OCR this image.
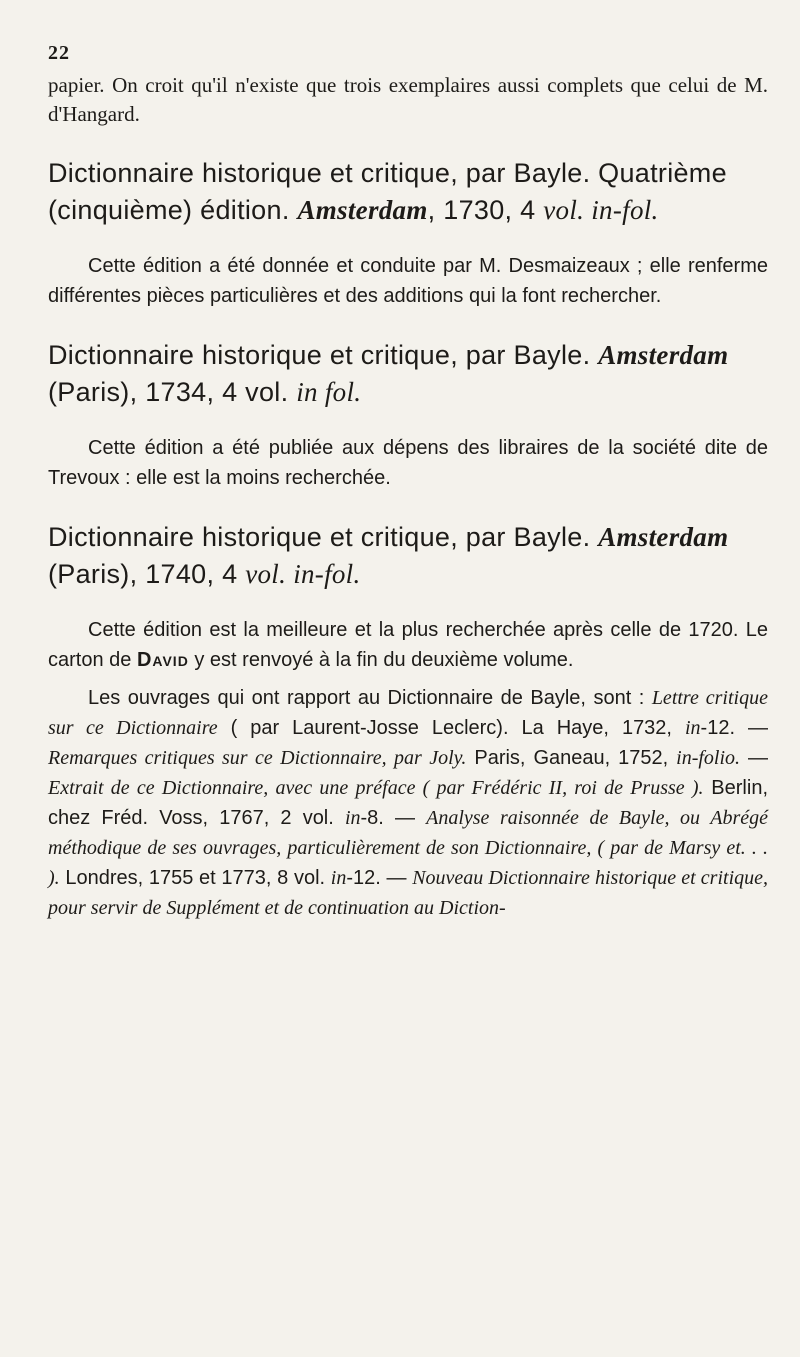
22

papier. On croit qu'il n'existe que trois exemplaires aussi complets que celui de M. d'Hangard.

Dictionnaire historique et critique, par Bayle. Quatrième (cinquième) édition. Amsterdam, 1730, 4 vol. in-fol.

Cette édition a été donnée et conduite par M. Desmaizeaux ; elle renferme différentes pièces particulières et des additions qui la font rechercher.

Dictionnaire historique et critique, par Bayle. Amsterdam (Paris), 1734, 4 vol. in fol.

Cette édition a été publiée aux dépens des libraires de la société dite de Trevoux : elle est la moins recherchée.

Dictionnaire historique et critique, par Bayle. Amsterdam (Paris), 1740, 4 vol. in-fol.

Cette édition est la meilleure et la plus recherchée après celle de 1720. Le carton de David y est renvoyé à la fin du deuxième volume.

Les ouvrages qui ont rapport au Dictionnaire de Bayle, sont : Lettre critique sur ce Dictionnaire ( par Laurent-Josse Leclerc). La Haye, 1732, in-12. — Remarques critiques sur ce Dictionnaire, par Joly. Paris, Ganeau, 1752, in-folio. — Extrait de ce Dictionnaire, avec une préface ( par Frédéric II, roi de Prusse ). Berlin, chez Fréd. Voss, 1767, 2 vol. in-8. — Analyse raisonnée de Bayle, ou Abrégé méthodique de ses ouvrages, particulièrement de son Dictionnaire, ( par de Marsy et. . . ). Londres, 1755 et 1773, 8 vol. in-12. — Nouveau Dictionnaire historique et critique, pour servir de Supplément et de continuation au Diction-
